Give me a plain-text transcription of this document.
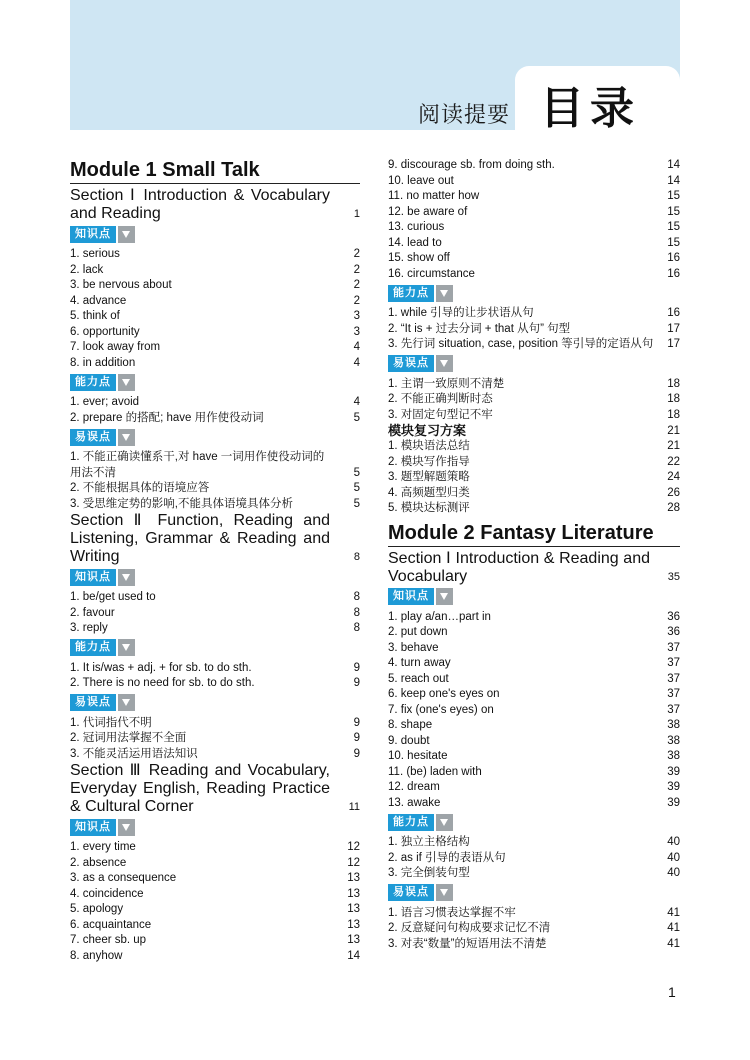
阅读提要 目录
Module 1 Small Talk
Section Ⅰ Introduction & Vocabulary and Reading	1
知识点
1. serious	2
2. lack	2
3. be nervous about	2
4. advance	2
5. think of	3
6. opportunity	3
7. look away from	4
8. in addition	4
能力点
1. ever; avoid	4
2. prepare 的搭配; have 用作使役动词	5
易误点
1. 不能正确读懂系干,对 have 一词用作使役动词的用法不清	5
2. 不能根据具体的语境应答	5
3. 受思维定势的影响,不能具体语境具体分析	5
Section Ⅱ Function, Reading and Listening, Grammar & Reading and Writing	8
知识点
1. be/get used to	8
2. favour	8
3. reply	8
能力点
1. It is/was + adj. + for sb. to do sth.	9
2. There is no need for sb. to do sth.	9
易误点
1. 代词指代不明	9
2. 冠词用法掌握不全面	9
3. 不能灵活运用语法知识	9
Section Ⅲ Reading and Vocabulary, Everyday English, Reading Practice & Cultural Corner	11
知识点
1. every time	12
2. absence	12
3. as a consequence	13
4. coincidence	13
5. apology	13
6. acquaintance	13
7. cheer sb. up	13
8. anyhow	14
9. discourage sb. from doing sth.	14
10. leave out	14
11. no matter how	15
12. be aware of	15
13. curious	15
14. lead to	15
15. show off	16
16. circumstance	16
能力点
1. while 引导的让步状语从句	16
2. “It is + 过去分词 + that 从句” 句型	17
3. 先行词 situation, case, position 等引导的定语从句 17
易误点
1. 主谓一致原则不清楚	18
2. 不能正确判断时态	18
3. 对固定句型记不牢	18
模块复习方案	21
1. 模块语法总结	21
2. 模块写作指导	22
3. 题型解题策略	24
4. 高频题型归类	26
5. 模块达标测评	28
Module 2 Fantasy Literature
Section Ⅰ Introduction & Reading and Vocabulary	35
知识点
1. play a/an…part in	36
2. put down	36
3. behave	37
4. turn away	37
5. reach out	37
6. keep one's eyes on	37
7. fix (one's eyes) on	37
8. shape	38
9. doubt	38
10. hesitate	38
11. (be) laden with	39
12. dream	39
13. awake	39
能力点
1. 独立主格结构	40
2. as if 引导的表语从句	40
3. 完全倒装句型	40
易误点
1. 语言习惯表达掌握不牢	41
2. 反意疑问句构成要求记忆不清	41
3. 对表“数量”的短语用法不清楚	41
1
